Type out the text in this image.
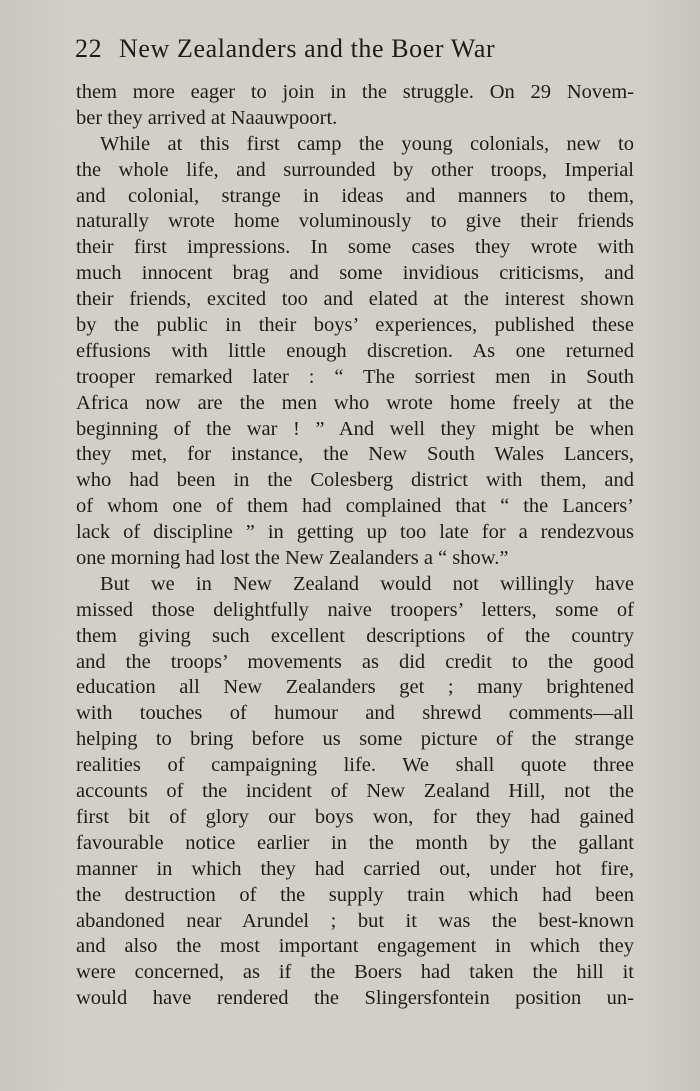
22 New Zealanders and the Boer War
them more eager to join in the struggle. On 29 Novem-
ber they arrived at Naauwpoort.
While at this first camp the young colonials, new to
the whole life, and surrounded by other troops, Imperial
and colonial, strange in ideas and manners to them,
naturally wrote home voluminously to give their friends
their first impressions. In some cases they wrote with
much innocent brag and some invidious criticisms, and
their friends, excited too and elated at the interest shown
by the public in their boys’ experiences, published these
effusions with little enough discretion. As one returned
trooper remarked later : “ The sorriest men in South
Africa now are the men who wrote home freely at the
beginning of the war ! ” And well they might be when
they met, for instance, the New South Wales Lancers,
who had been in the Colesberg district with them, and
of whom one of them had complained that “ the Lancers’
lack of discipline ” in getting up too late for a rendezvous
one morning had lost the New Zealanders a “ show.”
But we in New Zealand would not willingly have
missed those delightfully naive troopers’ letters, some of
them giving such excellent descriptions of the country
and the troops’ movements as did credit to the good
education all New Zealanders get ; many brightened
with touches of humour and shrewd comments—all
helping to bring before us some picture of the strange
realities of campaigning life. We shall quote three
accounts of the incident of New Zealand Hill, not the
first bit of glory our boys won, for they had gained
favourable notice earlier in the month by the gallant
manner in which they had carried out, under hot fire,
the destruction of the supply train which had been
abandoned near Arundel ; but it was the best-known
and also the most important engagement in which they
were concerned, as if the Boers had taken the hill it
would have rendered the Slingersfontein position un-
